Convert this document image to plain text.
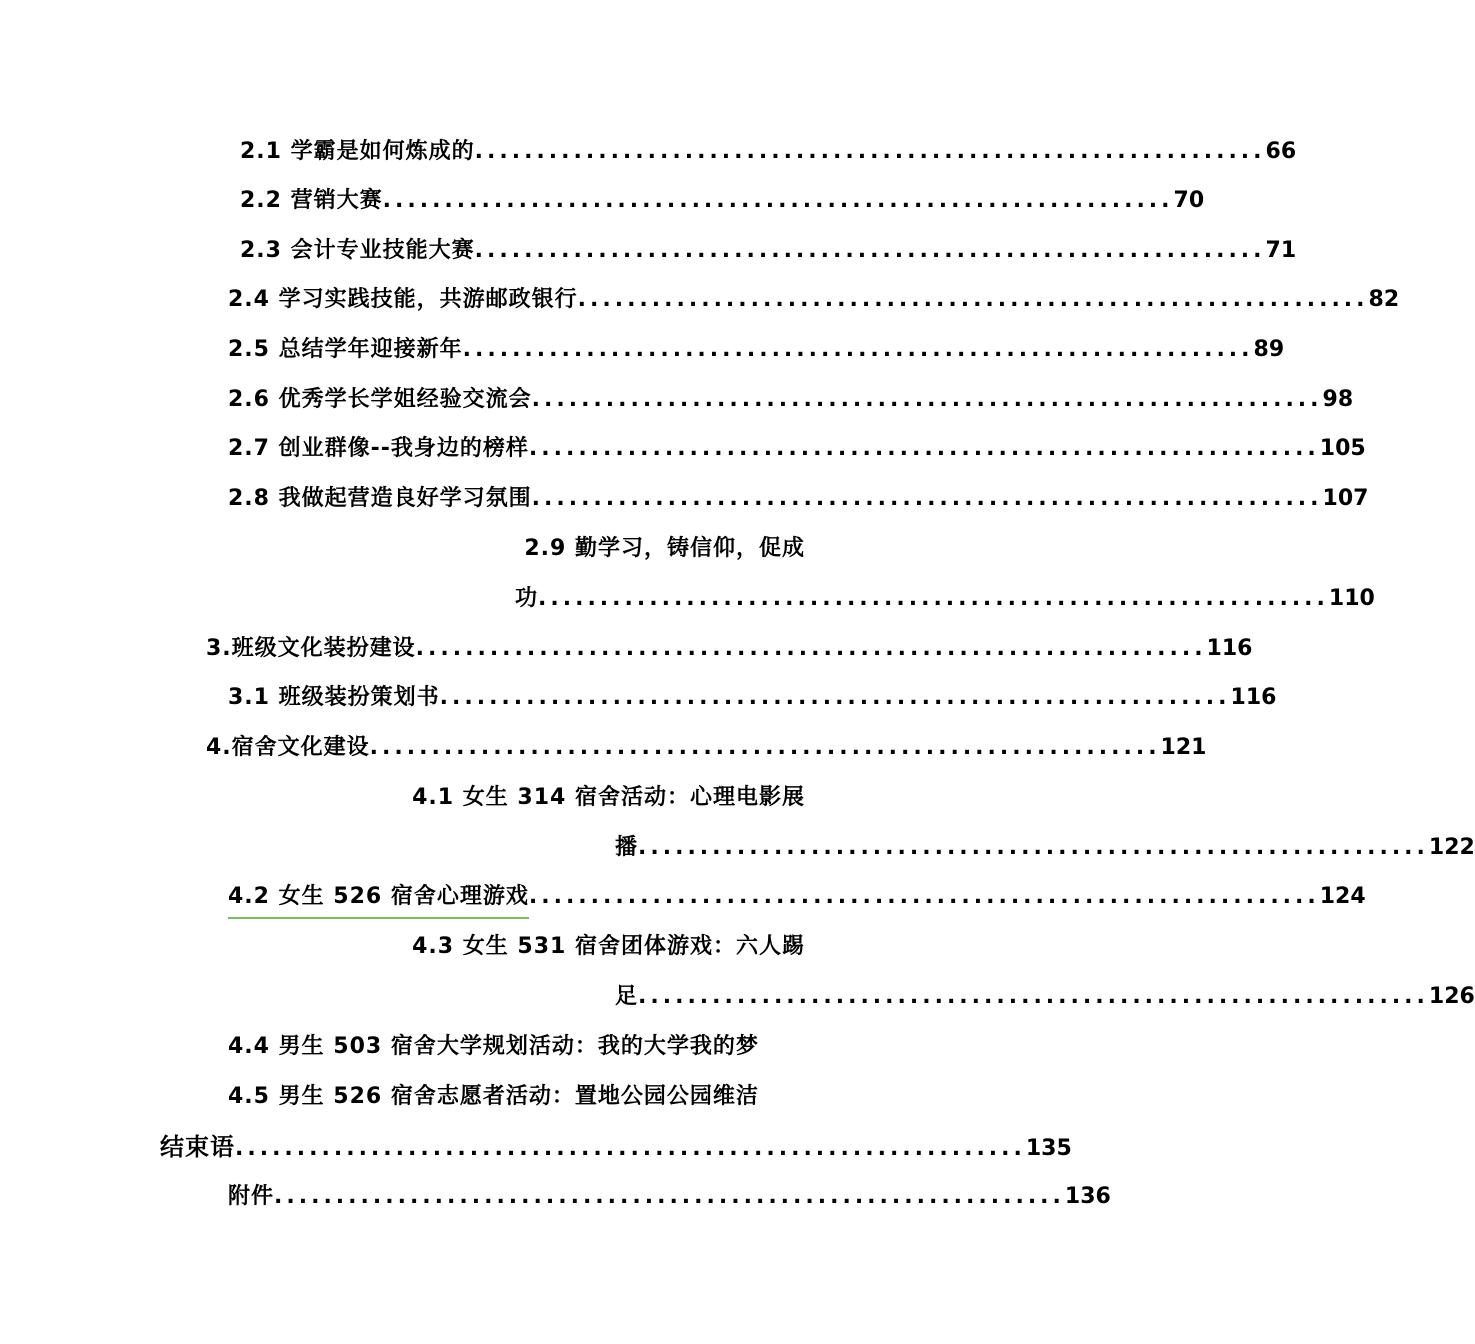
2.1 学霸是如何炼成的 ................................................................ 66
2.2 营销大赛 ................................................................ 70
2.3 会计专业技能大赛 ................................................................ 71
2.4 学习实践技能，共游邮政银行 ................................................................ 82
2.5 总结学年迎接新年 ................................................................ 89
2.6 优秀学长学姐经验交流会 ................................................................ 98
2.7 创业群像--我身边的榜样 ................................................................ 105
2.8 我做起营造良好学习氛围 ................................................................ 107
2.9 勤学习，铸信仰，促成
功 ................................................................ 110
3.班级文化装扮建设 ................................................................ 116
3.1 班级装扮策划书 ................................................................ 116
4.宿舍文化建设 ................................................................ 121
4.1 女生 314 宿舍活动：心理电影展
播 ................................................................ 122
4.2 女生 526 宿舍心理游戏 ................................................................ 124
4.3 女生 531 宿舍团体游戏：六人踢
足 ................................................................ 126
4.4 男生 503 宿舍大学规划活动：我的大学我的梦
4.5 男生 526 宿舍志愿者活动：置地公园公园维洁
结束语 ................................................................ 135
附件 ................................................................ 136
